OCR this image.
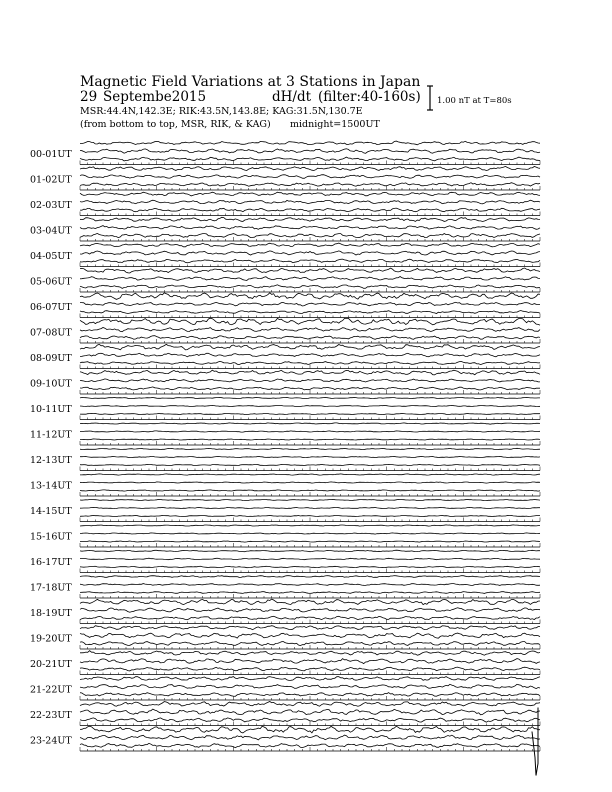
Magnetic Field Variations at 3 Stations in Japan
29 Septembe2015	dH/dt (filter:40-160s)
MSR:44.4N,142.3E; RIK:43.5N,143.8E; KAG:31.5N,130.7E
(from bottom to top, MSR, RIK, & KAG) midnight=1500UT
1.00 nT at T=80s
00-01UT
01-02UT
02-03UT
03-04UT
04-05UT
05-06UT
06-07UT
07-08UT
08-09UT
09-10UT
10-11UT
11-12UT
12-13UT
13-14UT
14-15UT
15-16UT
16-17UT
17-18UT
18-19UT
19-20UT
20-21UT
21-22UT
22-23UT
23-24UT
